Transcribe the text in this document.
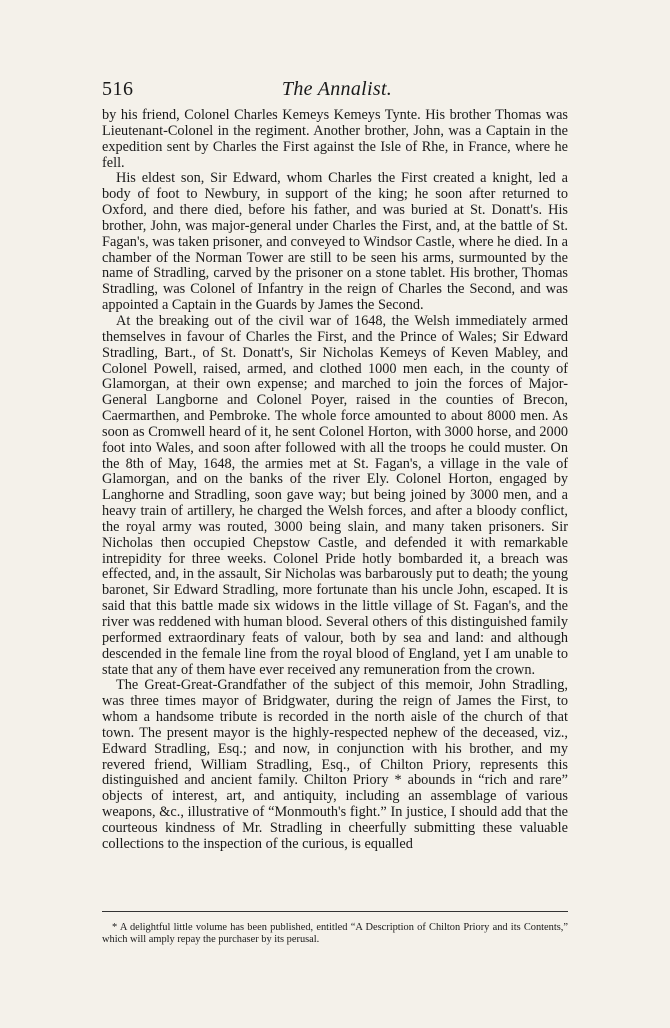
516	The Annalist.

by his friend, Colonel Charles Kemeys Kemeys Tynte. His brother Thomas was Lieutenant-Colonel in the regiment. Another brother, John, was a Captain in the expedition sent by Charles the First against the Isle of Rhe, in France, where he fell.

His eldest son, Sir Edward, whom Charles the First created a knight, led a body of foot to Newbury, in support of the king; he soon after returned to Oxford, and there died, before his father, and was buried at St. Donatt's. His brother, John, was major-general under Charles the First, and, at the battle of St. Fagan's, was taken prisoner, and conveyed to Windsor Castle, where he died. In a chamber of the Norman Tower are still to be seen his arms, surmounted by the name of Stradling, carved by the prisoner on a stone tablet. His brother, Thomas Stradling, was Colonel of Infantry in the reign of Charles the Second, and was appointed a Captain in the Guards by James the Second.

At the breaking out of the civil war of 1648, the Welsh immediately armed themselves in favour of Charles the First, and the Prince of Wales; Sir Edward Stradling, Bart., of St. Donatt's, Sir Nicholas Kemeys of Keven Mabley, and Colonel Powell, raised, armed, and clothed 1000 men each, in the county of Glamorgan, at their own expense; and marched to join the forces of Major-General Langborne and Colonel Poyer, raised in the counties of Brecon, Caermarthen, and Pembroke. The whole force amounted to about 8000 men. As soon as Cromwell heard of it, he sent Colonel Horton, with 3000 horse, and 2000 foot into Wales, and soon after followed with all the troops he could muster. On the 8th of May, 1648, the armies met at St. Fagan's, a village in the vale of Glamorgan, and on the banks of the river Ely. Colonel Horton, engaged by Langhorne and Stradling, soon gave way; but being joined by 3000 men, and a heavy train of artillery, he charged the Welsh forces, and after a bloody conflict, the royal army was routed, 3000 being slain, and many taken prisoners. Sir Nicholas then occupied Chepstow Castle, and defended it with remarkable intrepidity for three weeks. Colonel Pride hotly bombarded it, a breach was effected, and, in the assault, Sir Nicholas was barbarously put to death; the young baronet, Sir Edward Stradling, more fortunate than his uncle John, escaped. It is said that this battle made six widows in the little village of St. Fagan's, and the river was reddened with human blood. Several others of this distinguished family performed extraordinary feats of valour, both by sea and land: and although descended in the female line from the royal blood of England, yet I am unable to state that any of them have ever received any remuneration from the crown.

The Great-Great-Grandfather of the subject of this memoir, John Stradling, was three times mayor of Bridgwater, during the reign of James the First, to whom a handsome tribute is recorded in the north aisle of the church of that town. The present mayor is the highly-respected nephew of the deceased, viz., Edward Stradling, Esq.; and now, in conjunction with his brother, and my revered friend, William Stradling, Esq., of Chilton Priory, represents this distinguished and ancient family. Chilton Priory * abounds in “rich and rare” objects of interest, art, and antiquity, including an assemblage of various weapons, &c., illustrative of “Monmouth's fight.” In justice, I should add that the courteous kindness of Mr. Stradling in cheerfully submitting these valuable collections to the inspection of the curious, is equalled

* A delightful little volume has been published, entitled “A Description of Chilton Priory and its Contents,” which will amply repay the purchaser by its perusal.
